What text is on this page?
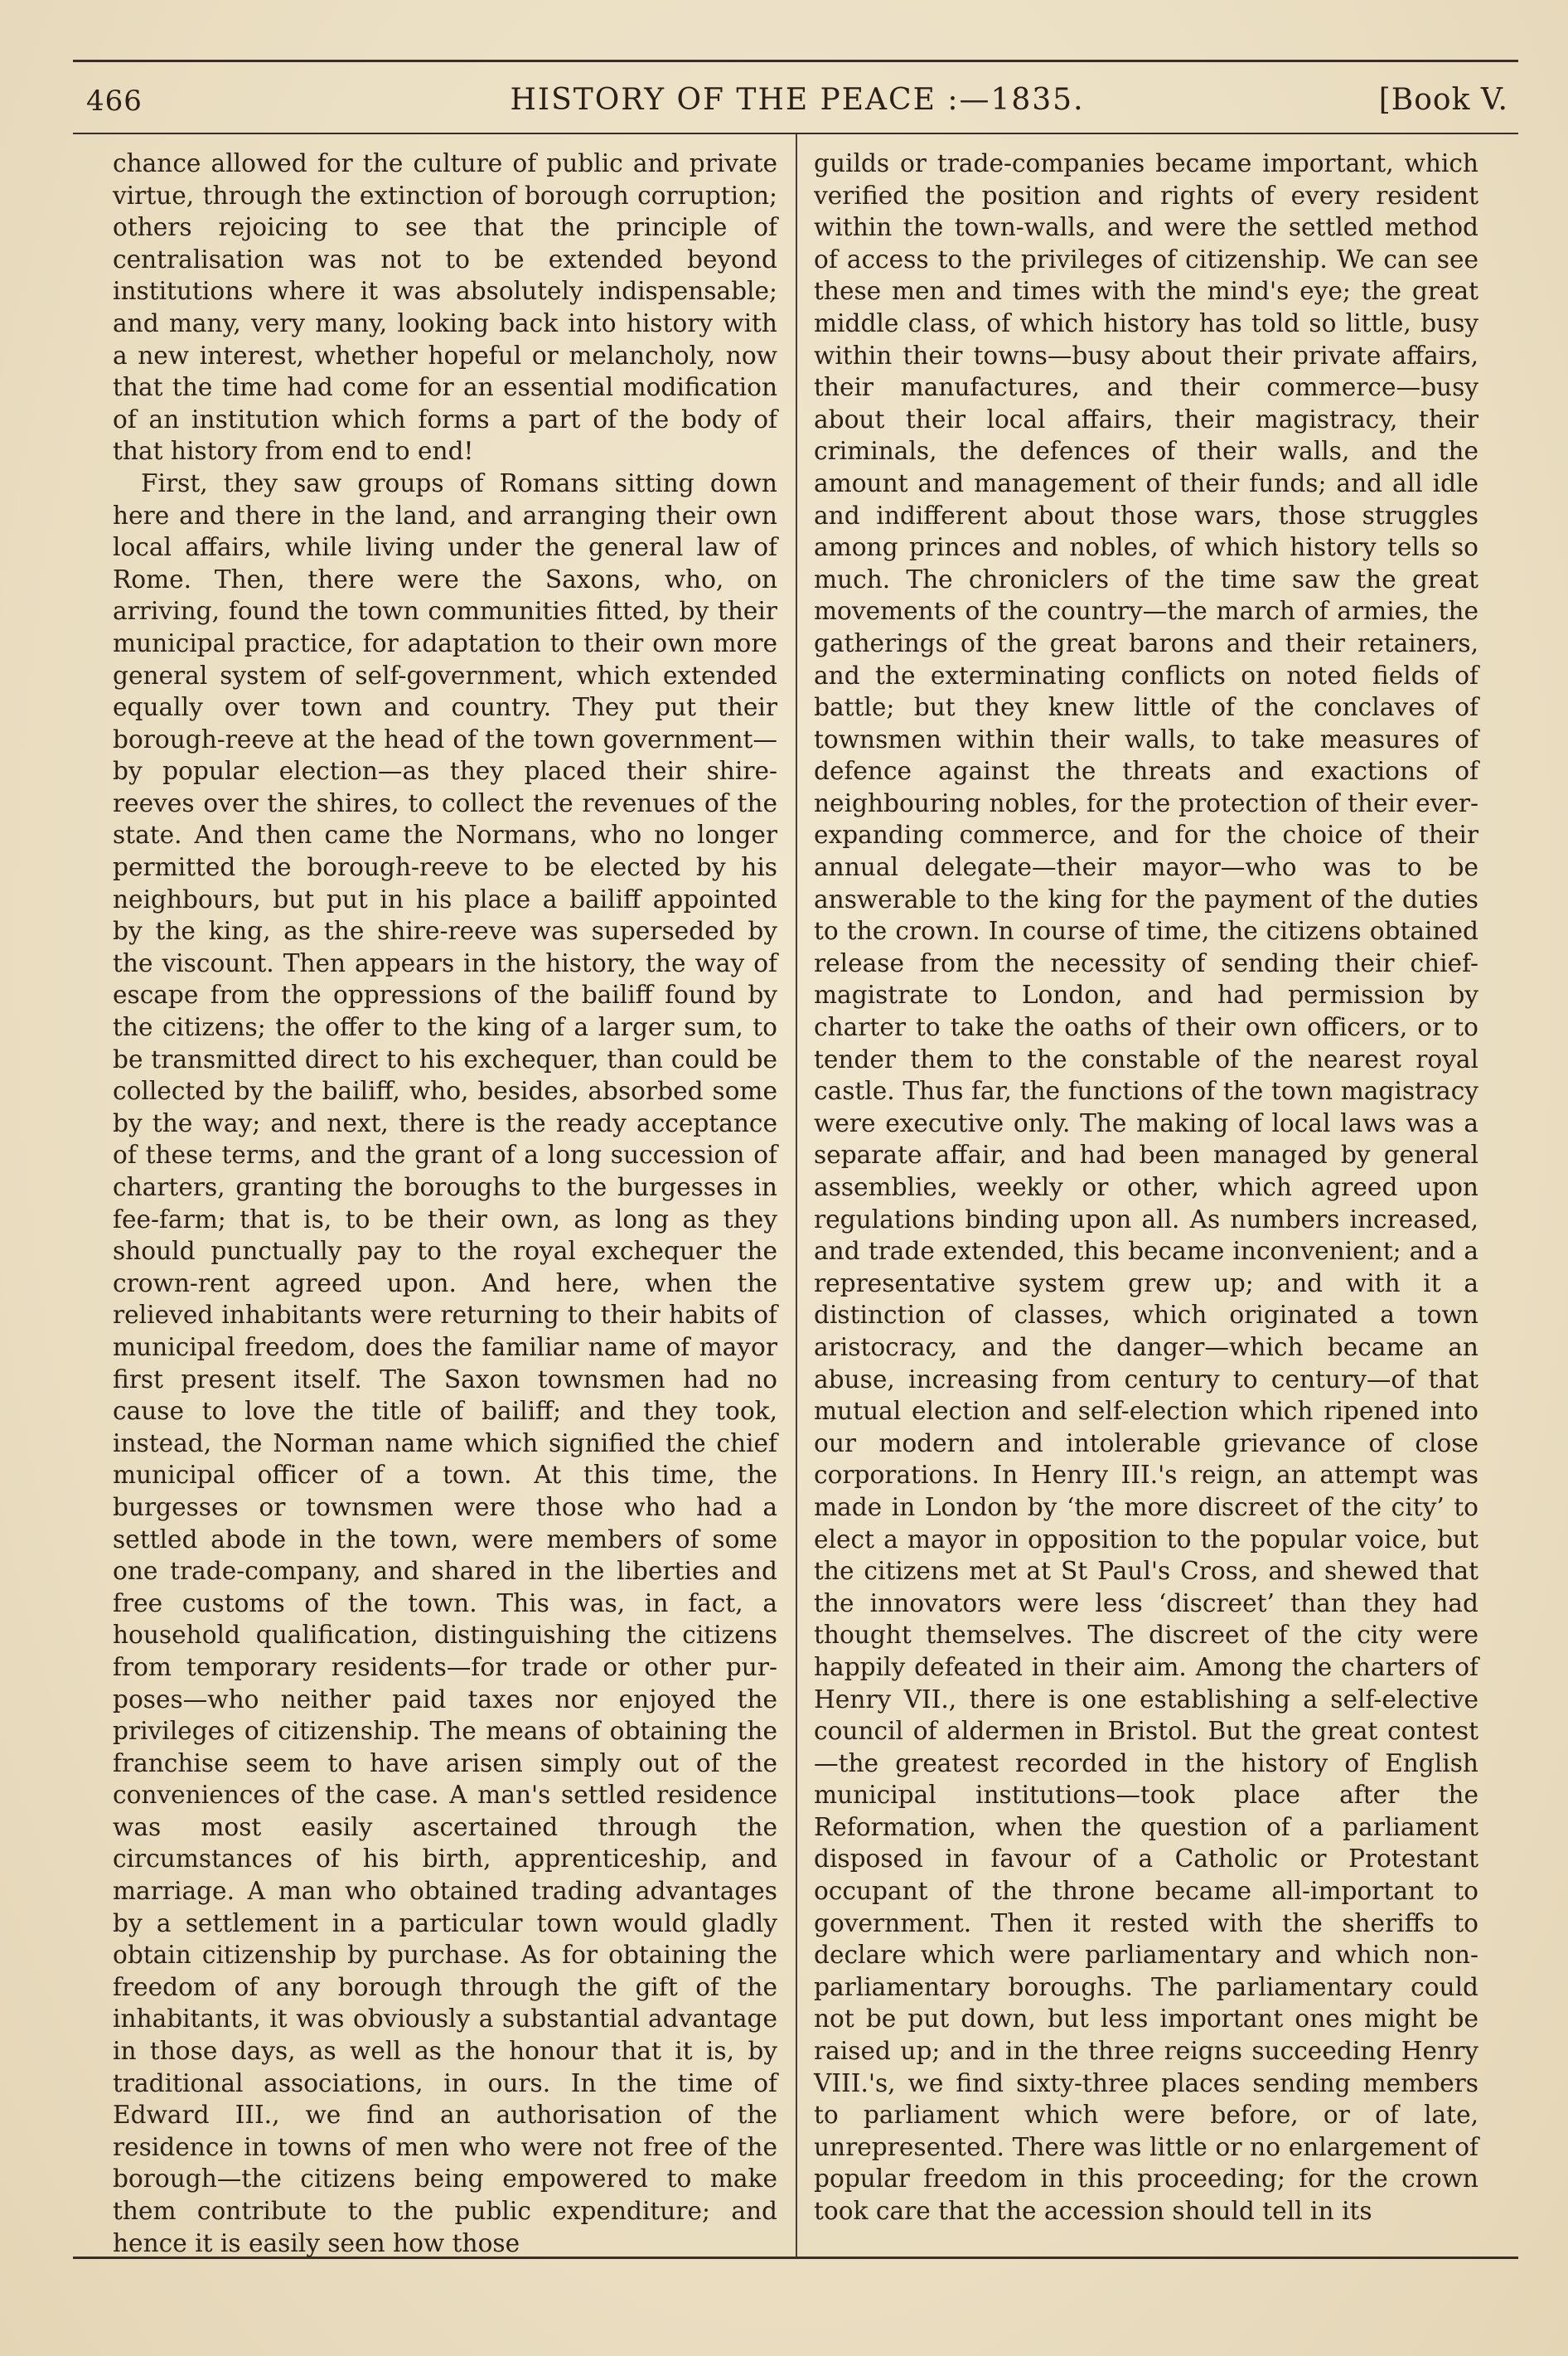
466	HISTORY OF THE PEACE :—1835.	[Book V.

chance allowed for the culture of public and private virtue, through the extinction of borough corruption; others rejoicing to see that the principle of centralisation was not to be extended beyond institutions where it was absolutely indispensable; and many, very many, looking back into history with a new interest, whether hopeful or melancholy, now that the time had come for an essential modification of an institution which forms a part of the body of that history from end to end!

First, they saw groups of Romans sitting down here and there in the land, and arranging their own local affairs, while living under the general law of Rome. Then, there were the Saxons, who, on arriving, found the town communities fitted, by their municipal practice, for adaptation to their own more general system of self-government, which extended equally over town and country. They put their borough-reeve at the head of the town government—by popular election—as they placed their shire-reeves over the shires, to collect the revenues of the state. And then came the Normans, who no longer permitted the borough-reeve to be elected by his neighbours, but put in his place a bailiff appointed by the king, as the shire-reeve was superseded by the viscount. Then appears in the history, the way of escape from the oppressions of the bailiff found by the citizens; the offer to the king of a larger sum, to be transmitted direct to his exchequer, than could be collected by the bailiff, who, besides, absorbed some by the way; and next, there is the ready acceptance of these terms, and the grant of a long succession of charters, granting the boroughs to the burgesses in fee-farm; that is, to be their own, as long as they should punctually pay to the royal exchequer the crown-rent agreed upon. And here, when the relieved inhabitants were returning to their habits of municipal freedom, does the familiar name of mayor first present itself. The Saxon townsmen had no cause to love the title of bailiff; and they took, instead, the Norman name which signified the chief municipal officer of a town. At this time, the burgesses or townsmen were those who had a settled abode in the town, were members of some one trade-company, and shared in the liberties and free customs of the town. This was, in fact, a household qualification, distinguishing the citizens from temporary residents—for trade or other purposes—who neither paid taxes nor enjoyed the privileges of citizenship. The means of obtaining the franchise seem to have arisen simply out of the conveniences of the case. A man's settled residence was most easily ascertained through the circumstances of his birth, apprenticeship, and marriage. A man who obtained trading advantages by a settlement in a particular town would gladly obtain citizenship by purchase. As for obtaining the freedom of any borough through the gift of the inhabitants, it was obviously a substantial advantage in those days, as well as the honour that it is, by traditional associations, in ours. In the time of Edward III., we find an authorisation of the residence in towns of men who were not free of the borough—the citizens being empowered to make them contribute to the public expenditure; and hence it is easily seen how those

guilds or trade-companies became important, which verified the position and rights of every resident within the town-walls, and were the settled method of access to the privileges of citizenship. We can see these men and times with the mind's eye; the great middle class, of which history has told so little, busy within their towns—busy about their private affairs, their manufactures, and their commerce—busy about their local affairs, their magistracy, their criminals, the defences of their walls, and the amount and management of their funds; and all idle and indifferent about those wars, those struggles among princes and nobles, of which history tells so much. The chroniclers of the time saw the great movements of the country—the march of armies, the gatherings of the great barons and their retainers, and the exterminating conflicts on noted fields of battle; but they knew little of the conclaves of townsmen within their walls, to take measures of defence against the threats and exactions of neighbouring nobles, for the protection of their ever-expanding commerce, and for the choice of their annual delegate—their mayor—who was to be answerable to the king for the payment of the duties to the crown. In course of time, the citizens obtained release from the necessity of sending their chief-magistrate to London, and had permission by charter to take the oaths of their own officers, or to tender them to the constable of the nearest royal castle. Thus far, the functions of the town magistracy were executive only. The making of local laws was a separate affair, and had been managed by general assemblies, weekly or other, which agreed upon regulations binding upon all. As numbers increased, and trade extended, this became inconvenient; and a representative system grew up; and with it a distinction of classes, which originated a town aristocracy, and the danger—which became an abuse, increasing from century to century—of that mutual election and self-election which ripened into our modern and intolerable grievance of close corporations. In Henry III.'s reign, an attempt was made in London by ‘the more discreet of the city’ to elect a mayor in opposition to the popular voice, but the citizens met at St Paul's Cross, and shewed that the innovators were less ‘discreet’ than they had thought themselves. The discreet of the city were happily defeated in their aim. Among the charters of Henry VII., there is one establishing a self-elective council of aldermen in Bristol. But the great contest—the greatest recorded in the history of English municipal institutions—took place after the Reformation, when the question of a parliament disposed in favour of a Catholic or Protestant occupant of the throne became all-important to government. Then it rested with the sheriffs to declare which were parliamentary and which non-parliamentary boroughs. The parliamentary could not be put down, but less important ones might be raised up; and in the three reigns succeeding Henry VIII.'s, we find sixty-three places sending members to parliament which were before, or of late, unrepresented. There was little or no enlargement of popular freedom in this proceeding; for the crown took care that the accession should tell in its
